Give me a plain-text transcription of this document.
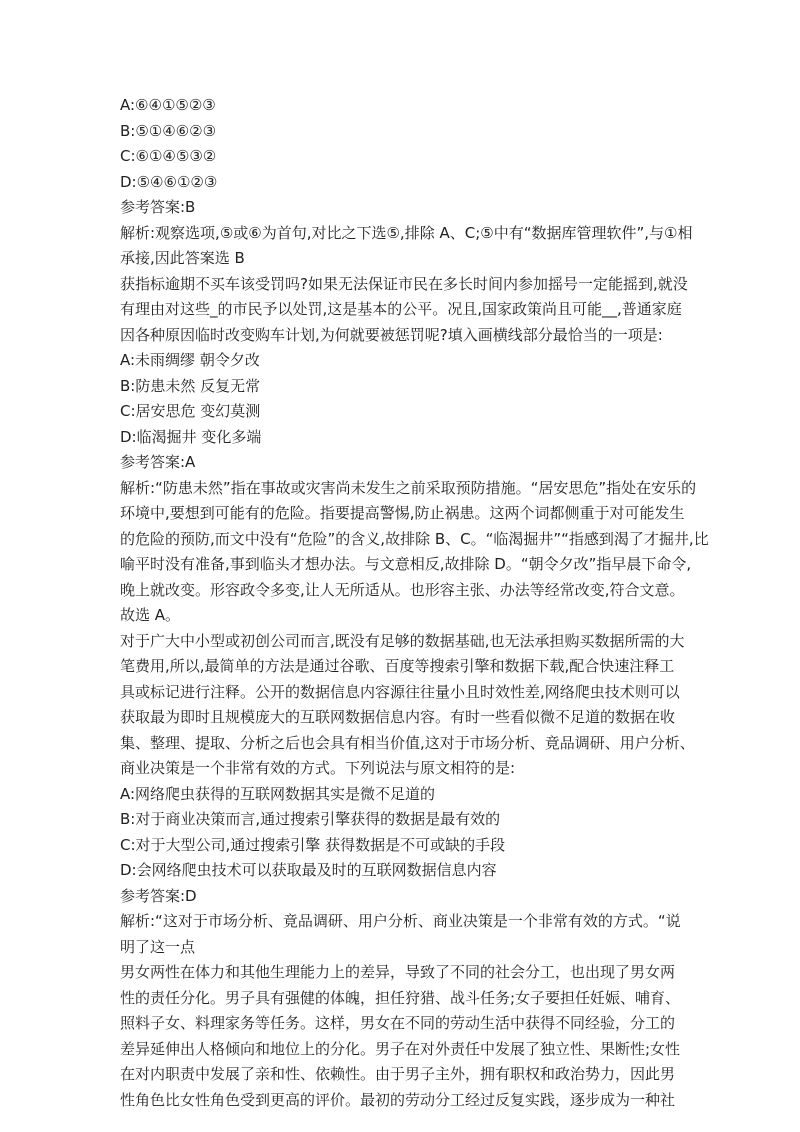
A:⑥④①⑤②③
B:⑤①④⑥②③
C:⑥①④⑤③②
D:⑤④⑥①②③
参考答案:B
解析:观察选项,⑤或⑥为首句,对比之下选⑤,排除 A、C;⑤中有“数据库管理软件”,与①相
承接,因此答案选 B
获指标逾期不买车该受罚吗?如果无法保证市民在多长时间内参加摇号一定能摇到,就没
有理由对这些_的市民予以处罚,这是基本的公平。况且,国家政策尚且可能__,普通家庭
因各种原因临时改变购车计划,为何就要被惩罚呢?填入画横线部分最恰当的一项是:
A:未雨绸缪 朝令夕改
B:防患未然 反复无常
C:居安思危 变幻莫测
D:临渴掘井 变化多端
参考答案:A
解析:“防患未然”指在事故或灾害尚未发生之前采取预防措施。“居安思危”指处在安乐的
环境中,要想到可能有的危险。指要提高警惕,防止祸患。这两个词都侧重于对可能发生
的危险的预防,而文中没有“危险”的含义,故排除 B、C。“临渴掘井”“指感到渴了才掘井,比
喻平时没有准备,事到临头才想办法。与文意相反,故排除 D。“朝令夕改”指早晨下命令,
晚上就改变。形容政令多变,让人无所适从。也形容主张、办法等经常改变,符合文意。
故选 A。
对于广大中小型或初创公司而言,既没有足够的数据基础,也无法承担购买数据所需的大
笔费用,所以,最简单的方法是通过谷歌、百度等搜索引擎和数据下载,配合快速注释工
具或标记进行注释。公开的数据信息内容源往往量小且时效性差,网络爬虫技术则可以
获取最为即时且规模庞大的互联网数据信息内容。有时一些看似微不足道的数据在收
集、整理、提取、分析之后也会具有相当价值,这对于市场分析、竟品调研、用户分析、
商业决策是一个非常有效的方式。下列说法与原文相符的是:
A:网络爬虫获得的互联网数据其实是微不足道的
B:对于商业决策而言,通过搜索引擎获得的数据是最有效的
C:对于大型公司,通过搜索引擎 获得数据是不可或缺的手段
D:会网络爬虫技术可以获取最及时的互联网数据信息内容
参考答案:D
解析:“这对于市场分析、竟品调研、用户分析、商业决策是一个非常有效的方式。“说
明了这一点
男女两性在体力和其他生理能力上的差异，导致了不同的社会分工，也出现了男女两
性的责任分化。男子具有强健的体魄，担任狩猎、战斗任务;女子要担任妊娠、哺育、
照料子女、料理家务等任务。这样，男女在不同的劳动生活中获得不同经验，分工的
差异延伸出人格倾向和地位上的分化。男子在对外责任中发展了独立性、果断性;女性
在对内职责中发展了亲和性、依赖性。由于男子主外，拥有职权和政治势力，因此男
性角色比女性角色受到更高的评价。最初的劳动分工经过反复实践，逐步成为一种社
